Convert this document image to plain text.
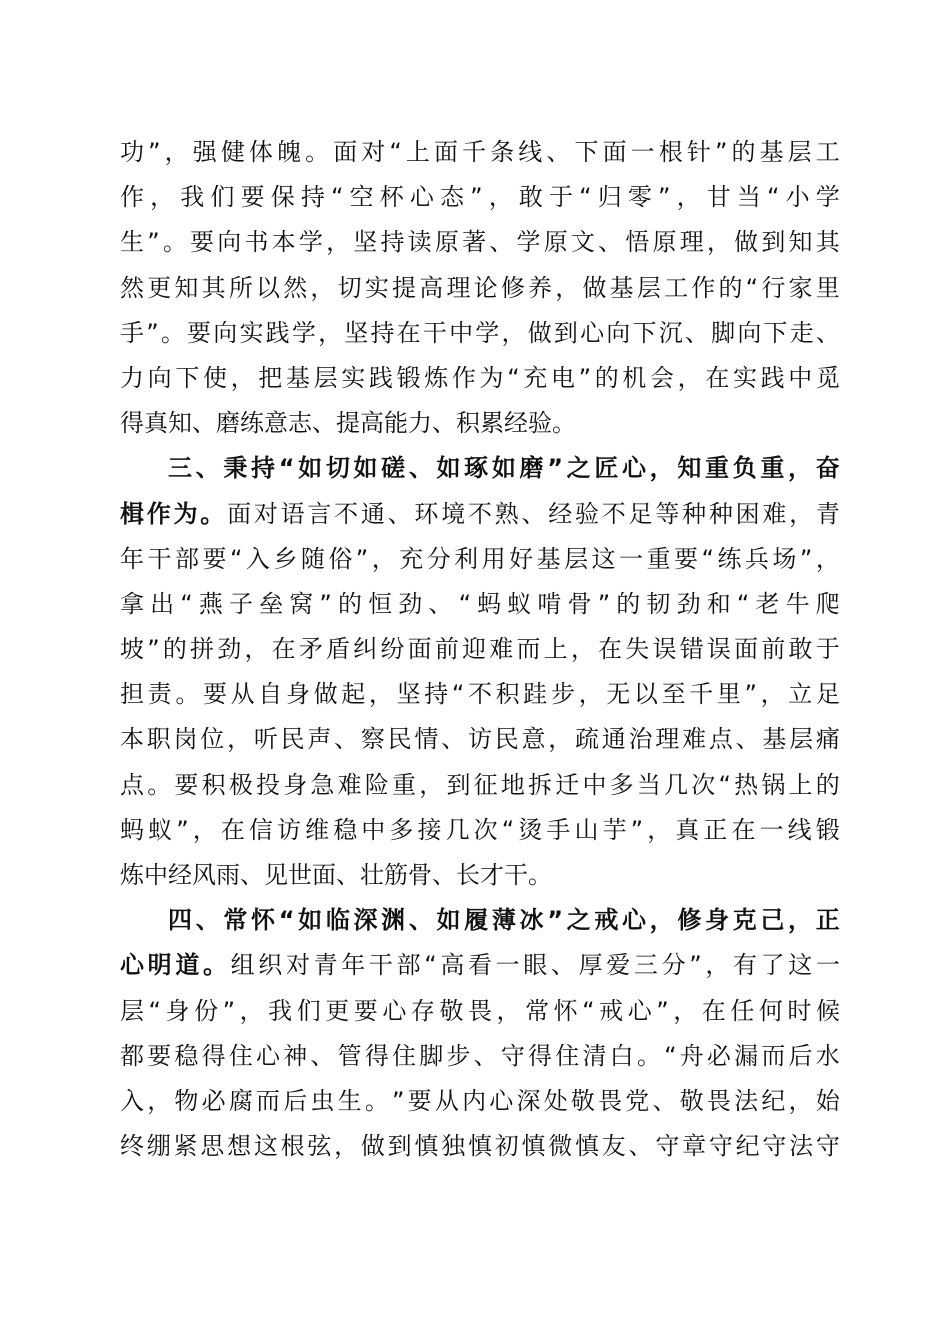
功 ” ， 强 健 体 魄 。 面 对 “ 上 面 千 条 线 、 下 面 一 根 针 ” 的 基 层 工
作 ， 我 们 要 保 持 “ 空 杯 心 态 ” ， 敢 于 “ 归 零 ” ， 甘 当 “ 小 学
生 ” 。 要 向 书 本 学 ， 坚 持 读 原 著 、 学 原 文 、 悟 原 理 ， 做 到 知 其
然 更 知 其 所 以 然 ， 切 实 提 高 理 论 修 养 ， 做 基 层 工 作 的 “ 行 家 里
手 ” 。 要 向 实 践 学 ， 坚 持 在 干 中 学 ， 做 到 心 向 下 沉 、 脚 向 下 走 、
力 向 下 使 ， 把 基 层 实 践 锻 炼 作 为 “ 充 电 ” 的 机 会 ， 在 实 践 中 觅
得真知、磨练意志、提高能力、积累经验。
三 、 秉 持 “ 如 切 如 磋 、 如 琢 如 磨 ” 之 匠 心 ， 知 重 负 重 ， 奋
楫 作 为 。 面 对 语 言 不 通 、 环 境 不 熟 、 经 验 不 足 等 种 种 困 难 ， 青
年 干 部 要 “ 入 乡 随 俗 ” ， 充 分 利 用 好 基 层 这 一 重 要 “ 练 兵 场 ” ，
拿 出 “ 燕 子 垒 窝 ” 的 恒 劲 、 “ 蚂 蚁 啃 骨 ” 的 韧 劲 和 “ 老 牛 爬
坡 ” 的 拼 劲 ， 在 矛 盾 纠 纷 面 前 迎 难 而 上 ， 在 失 误 错 误 面 前 敢 于
担 责 。 要 从 自 身 做 起 ， 坚 持 “ 不 积 跬 步 ， 无 以 至 千 里 ” ， 立 足
本 职 岗 位 ， 听 民 声 、 察 民 情 、 访 民 意 ， 疏 通 治 理 难 点 、 基 层 痛
点 。 要 积 极 投 身 急 难 险 重 ， 到 征 地 拆 迁 中 多 当 几 次 “ 热 锅 上 的
蚂 蚁 ” ， 在 信 访 维 稳 中 多 接 几 次 “ 烫 手 山 芋 ” ， 真 正 在 一 线 锻
炼中经风雨、见世面、壮筋骨、长才干。
四 、 常 怀 “ 如 临 深 渊 、 如 履 薄 冰 ” 之 戒 心 ， 修 身 克 己 ， 正
心 明 道 。 组 织 对 青 年 干 部 “ 高 看 一 眼 、 厚 爱 三 分 ” ， 有 了 这 一
层 “ 身 份 ” ， 我 们 更 要 心 存 敬 畏 ， 常 怀 “ 戒 心 ” ， 在 任 何 时 候
都 要 稳 得 住 心 神 、 管 得 住 脚 步 、 守 得 住 清 白 。 “ 舟 必 漏 而 后 水
入 ， 物 必 腐 而 后 虫 生 。 ” 要 从 内 心 深 处 敬 畏 党 、 敬 畏 法 纪 ， 始
终 绷 紧 思 想 这 根 弦 ， 做 到 慎 独 慎 初 慎 微 慎 友 、 守 章 守 纪 守 法 守
